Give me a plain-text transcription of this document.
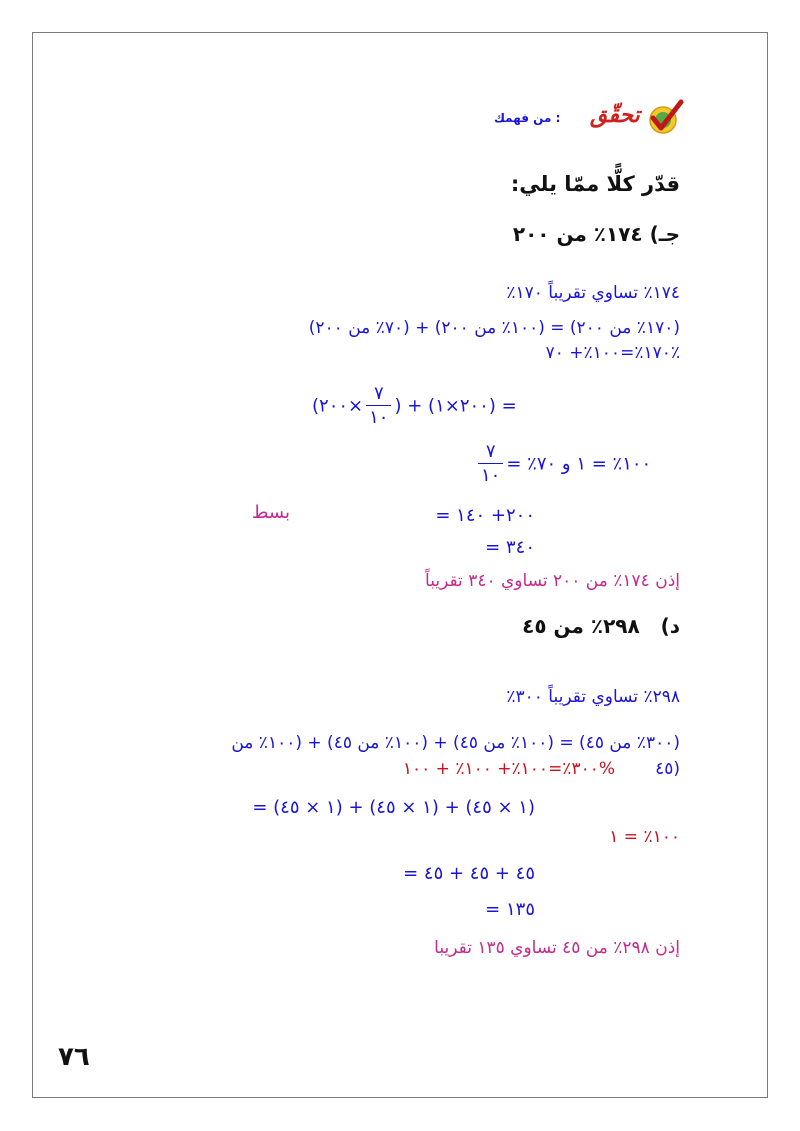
تحقّق
من فهمك :
قدّر كلًّا ممّا يلي:
جـ) ١٧٤٪ من ٢٠٠
١٧٤٪ تساوي تقريباً ١٧٠٪
(١٧٠٪ من ٢٠٠) = (١٠٠٪ من ٢٠٠) + (٧٠٪ من ٢٠٠)
١٧٠٪=١٠٠٪+ ٧٠٪
(٢٠٠× $\frac{٧}{١٠}$ ) + (٢٠٠×١) =
$\frac{٧}{١٠}$ ١٠٠٪ = ١ و ٧٠٪ =
= ٢٠٠+ ١٤٠
بسط
= ٣٤٠
إذن ١٧٤٪ من ٢٠٠ تساوي ٣٤٠ تقريباً
د)   ٢٩٨٪ من ٤٥
٢٩٨٪ تساوي تقريباً ٣٠٠٪
(٣٠٠٪ من ٤٥) = (١٠٠٪ من ٤٥) + (١٠٠٪ من ٤٥) + (١٠٠٪ من
٤٥)
٣٠٠٪=١٠٠٪+ ١٠٠٪ + ١٠٠%
= (١ × ٤٥) + (١ × ٤٥) + (١ × ٤٥)
١٠٠٪ = ١
= ٤٥ + ٤٥ + ٤٥
= ١٣٥
إذن ٢٩٨٪ من ٤٥ تساوي ١٣٥ تقريبا
٧٦
